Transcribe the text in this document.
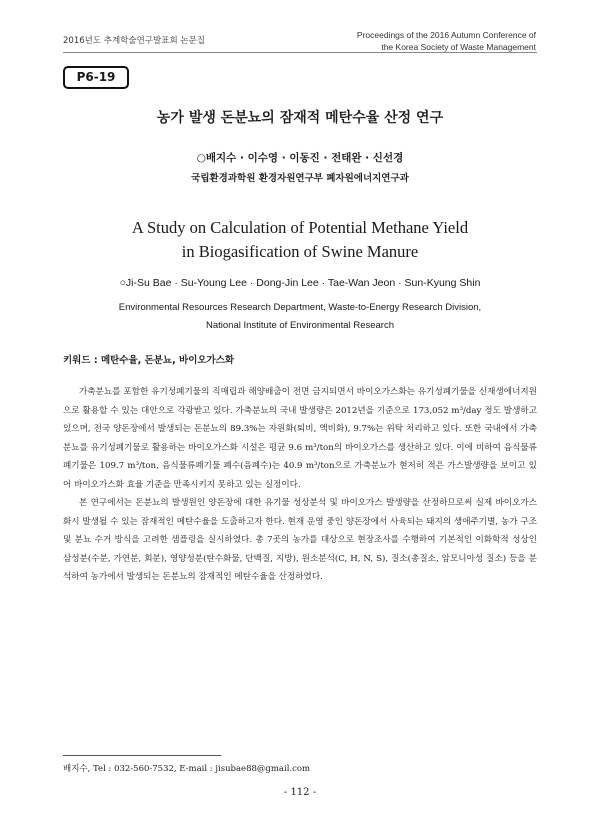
2016년도 추계학술연구발표회 논문집
Proceedings of the 2016 Autumn Conference of
the Korea Society of Waste Management
P6-19
농가 발생 돈분뇨의 잠재적 메탄수율 산정 연구
○배지수 · 이수영 · 이동진 · 전태완 · 신선경
국립환경과학원 환경자원연구부 폐자원에너지연구과
A Study on Calculation of Potential Methane Yield
in Biogasification of Swine Manure
○Ji-Su Bae · Su-Young Lee · Dong-Jin Lee · Tae-Wan Jeon · Sun-Kyung Shin
Environmental Resources Research Department, Waste-to-Energy Research Division,
National Institute of Environmental Research
키워드 : 메탄수율, 돈분뇨, 바이오가스화

가축분뇨를 포함한 유기성폐기물의 직매립과 해양배출이 전면 금지되면서 바이오가스화는 유기성폐기물을 신재생에너지원으로 활용할 수 있는 대안으로 각광받고 있다. 가축분뇨의 국내 발생량은 2012년을 기준으로 173,052 m³/day 정도 발생하고 있으며, 전국 양돈장에서 발생되는 돈분뇨의 89.3%는 자원화(퇴비, 액비화), 9.7%는 위탁 처리하고 있다. 또한 국내에서 가축분뇨를 유기성폐기물로 활용하는 바이오가스화 시설은 평균 9.6 m³/ton의 바이오가스를 생산하고 있다. 이에 비하여 음식물류폐기물은 109.7 m³/ton, 음식물류폐기물 폐수(음폐수)는 40.9 m³/ton으로 가축분뇨가 현저히 적은 가스발생량을 보이고 있어 바이오가스화 효율 기준을 만족시키지 못하고 있는 실정이다.

본 연구에서는 돈분뇨의 발생원인 양돈장에 대한 유기물 성상분석 및 바이오가스 발생량을 산정하므로써 실제 바이오가스화시 발생될 수 있는 잠재적인 메탄수율을 도출하고자 한다. 현재 운영 중인 양돈장에서 사육되는 돼지의 생애주기별, 농가 구조 및 분뇨 수거 방식을 고려한 샘플링을 실시하였다. 총 7곳의 농가를 대상으로 현장조사를 수행하여 기본적인 이화학적 성상인 삼성분(수분, 가연분, 회분), 영양성분(탄수화물, 단백질, 지방), 원소분석(C, H, N, S), 질소(총질소, 암모니아성 질소) 등을 분석하여 농가에서 발생되는 돈분뇨의 잠재적인 메탄수율을 산정하였다.

배지수, Tel : 032-560-7532, E-mail : jisubae88@gmail.com
- 112 -
